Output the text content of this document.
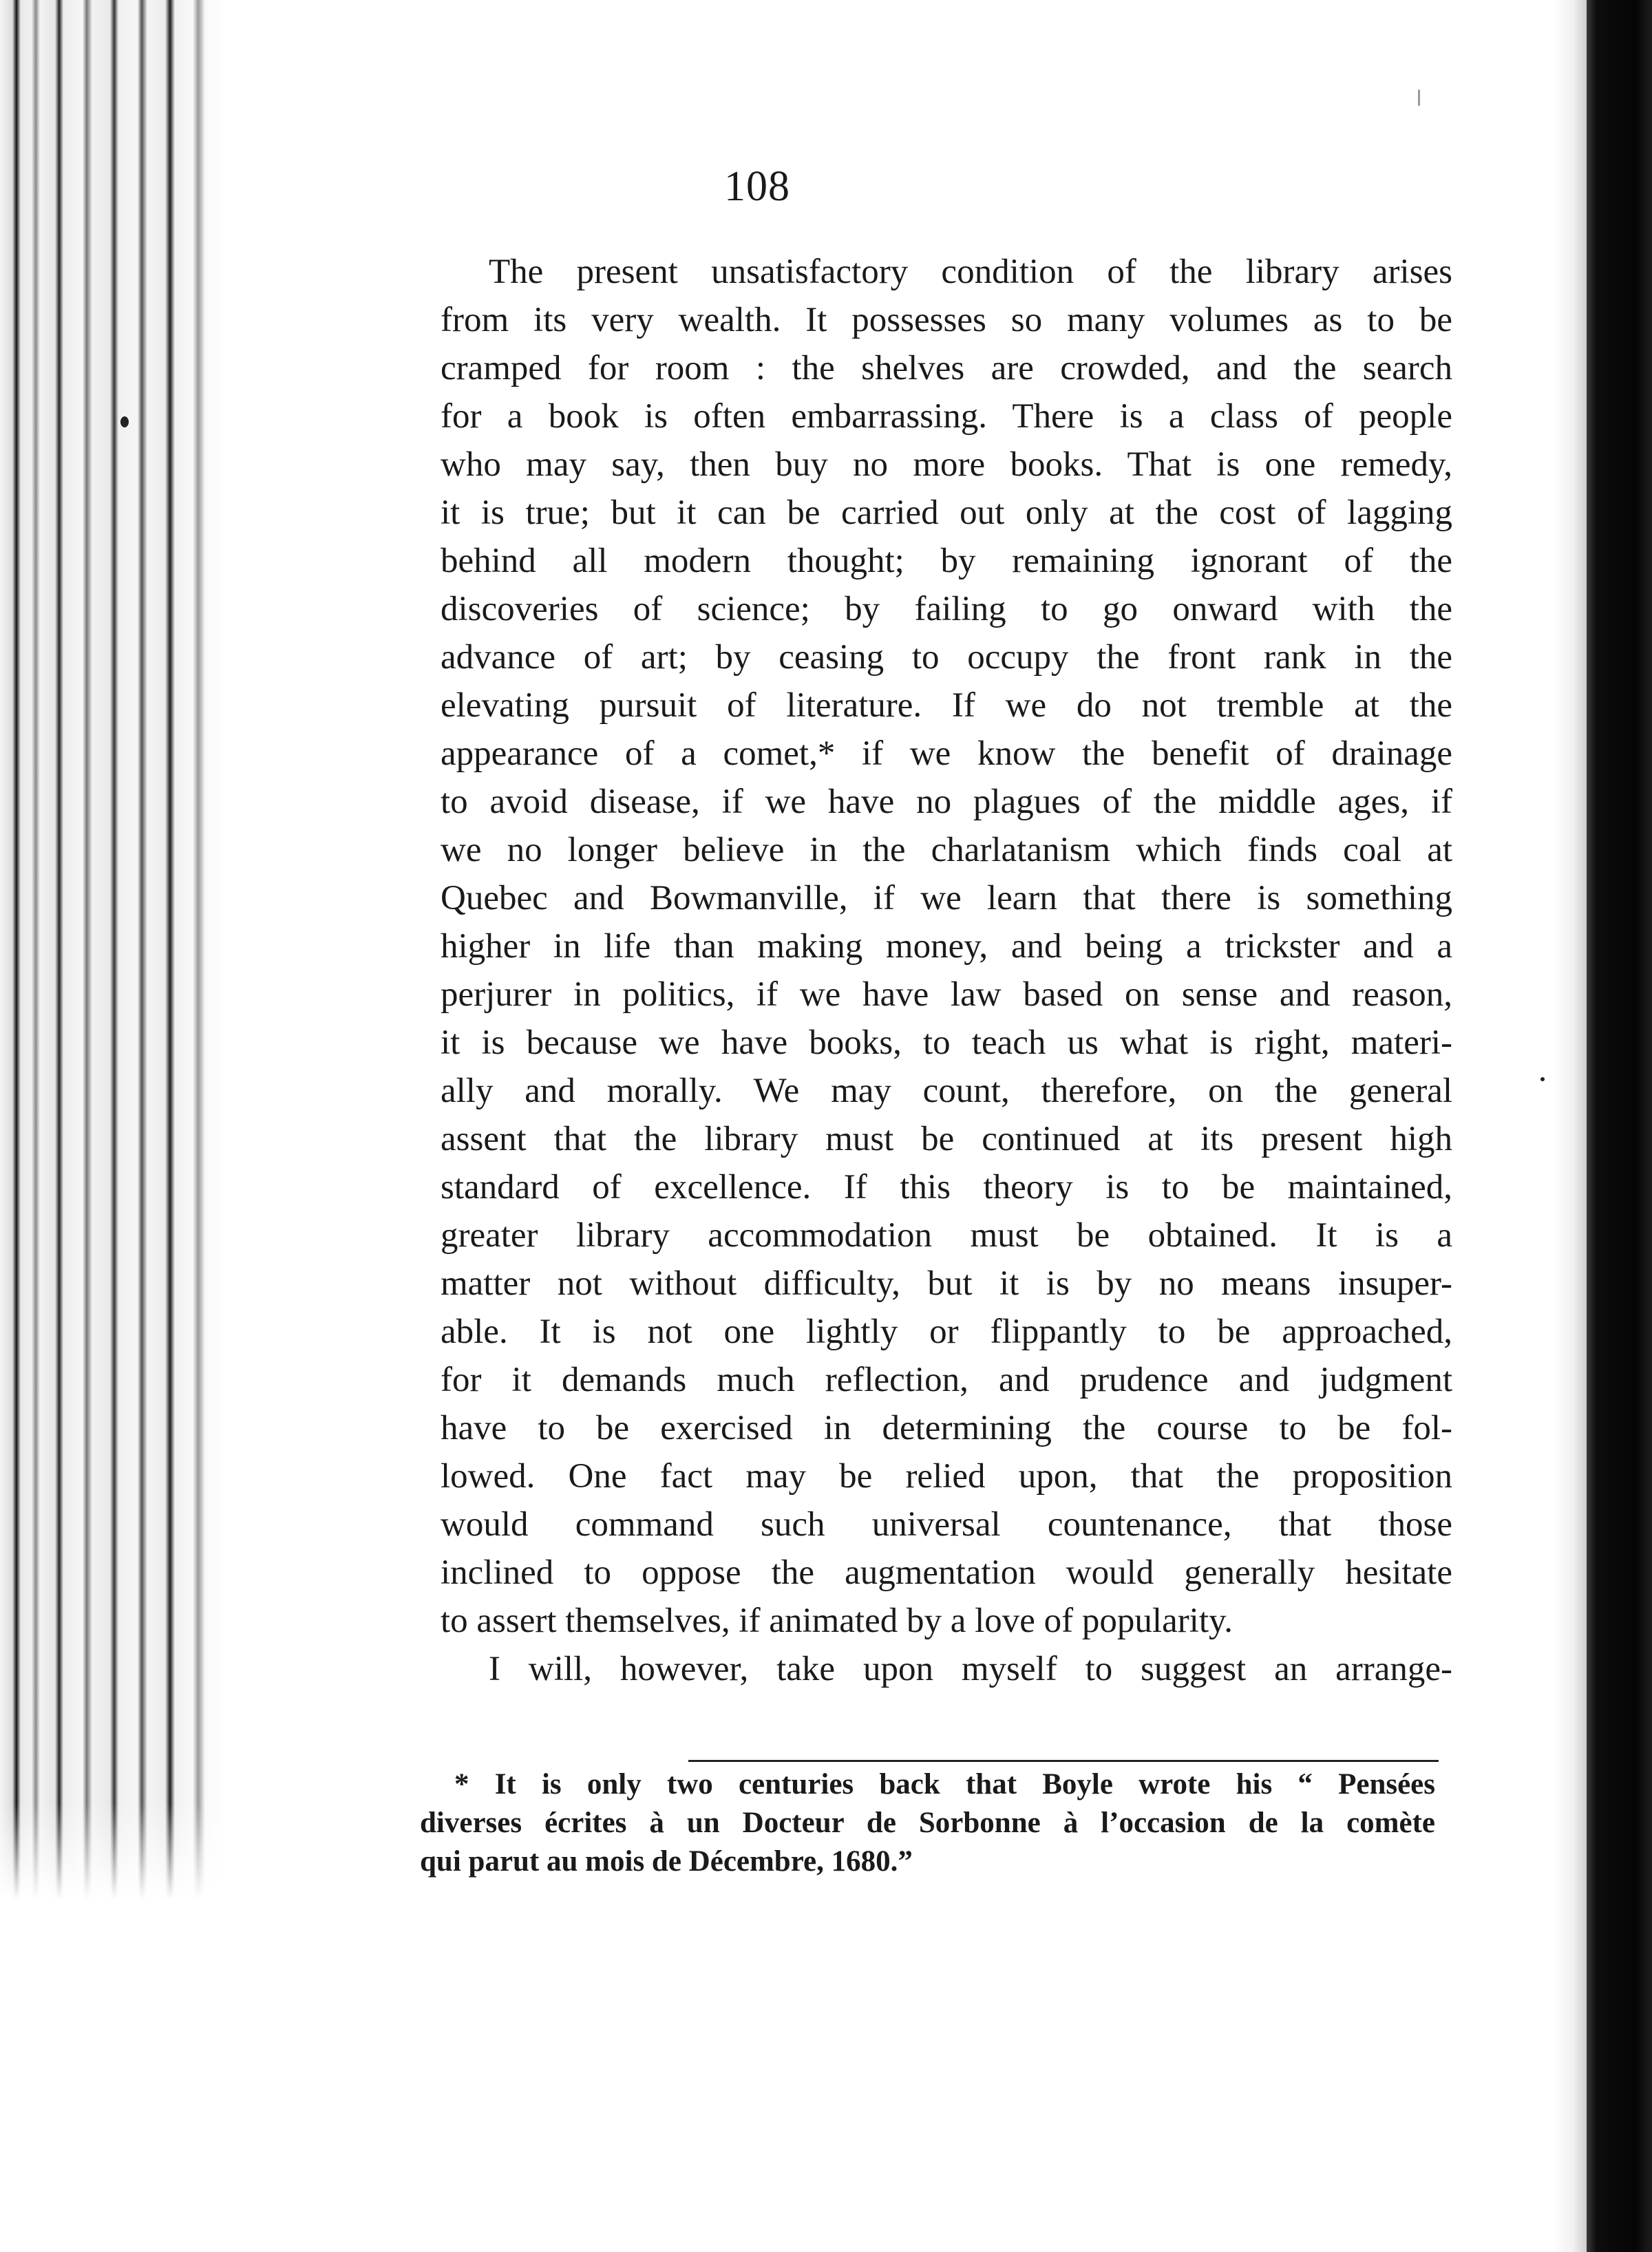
108
The present unsatisfactory condition of the library arises
from its very wealth. It possesses so many volumes as to be
cramped for room : the shelves are crowded, and the search
for a book is often embarrassing. There is a class of people
who may say, then buy no more books. That is one remedy,
it is true; but it can be carried out only at the cost of lagging
behind all modern thought; by remaining ignorant of the
discoveries of science; by failing to go onward with the
advance of art; by ceasing to occupy the front rank in the
elevating pursuit of literature. If we do not tremble at the
appearance of a comet,* if we know the benefit of drainage
to avoid disease, if we have no plagues of the middle ages, if
we no longer believe in the charlatanism which finds coal at
Quebec and Bowmanville, if we learn that there is something
higher in life than making money, and being a trickster and a
perjurer in politics, if we have law based on sense and reason,
it is because we have books, to teach us what is right, materi-
ally and morally. We may count, therefore, on the general
assent that the library must be continued at its present high
standard of excellence. If this theory is to be maintained,
greater library accommodation must be obtained. It is a
matter not without difficulty, but it is by no means insuper-
able. It is not one lightly or flippantly to be approached,
for it demands much reflection, and prudence and judgment
have to be exercised in determining the course to be fol-
lowed. One fact may be relied upon, that the proposition
would command such universal countenance, that those
inclined to oppose the augmentation would generally hesitate
to assert themselves, if animated by a love of popularity.
I will, however, take upon myself to suggest an arrange-
* It is only two centuries back that Boyle wrote his “ Pensées
diverses écrites à un Docteur de Sorbonne à l’occasion de la comète
qui parut au mois de Décembre, 1680.”
